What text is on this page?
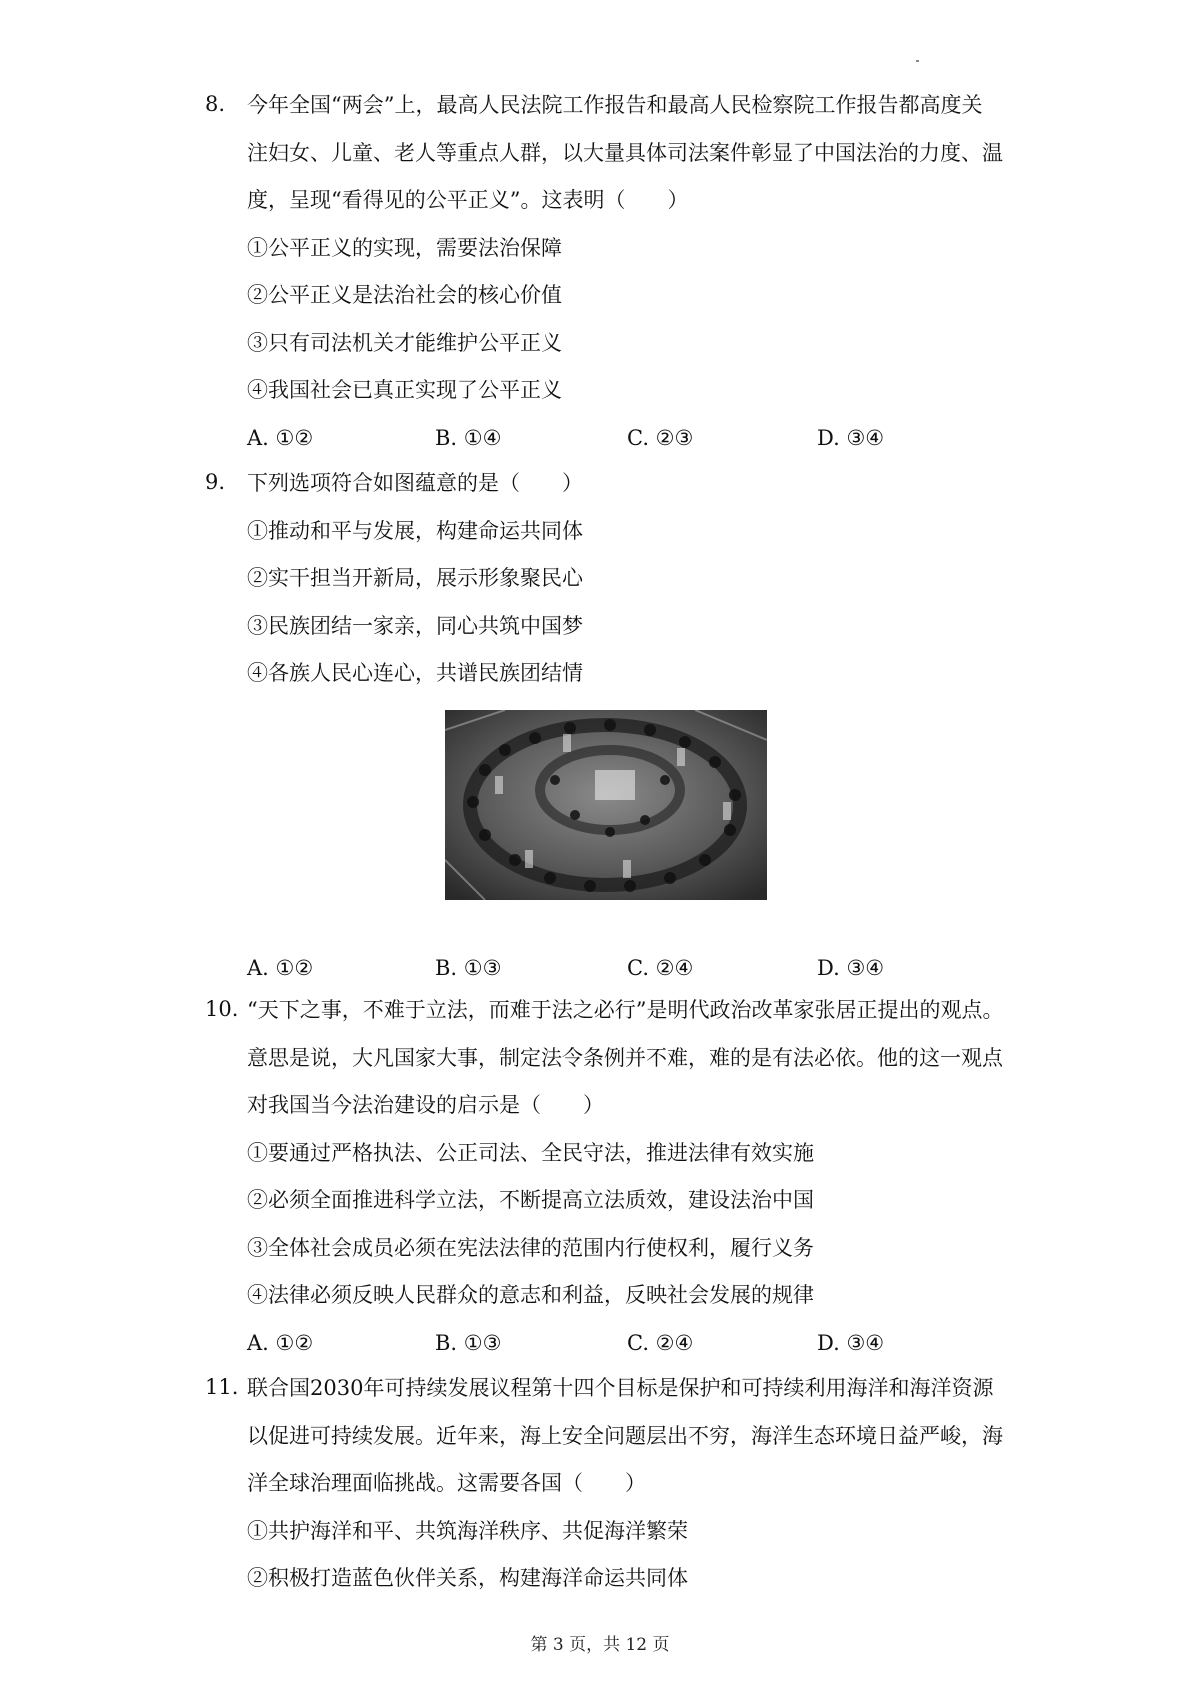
8.	今年全国“两会”上，最高人民法院工作报告和最高人民检察院工作报告都高度关
注妇女、儿童、老人等重点人群，以大量具体司法案件彰显了中国法治的力度、温
度，呈现“看得见的公平正义”。这表明（　　）
①公平正义的实现，需要法治保障
②公平正义是法治社会的核心价值
③只有司法机关才能维护公平正义
④我国社会已真正实现了公平正义
A. ①②	B. ①④	C. ②③	D. ③④
9.	下列选项符合如图蕴意的是（　　）
①推动和平与发展，构建命运共同体
②实干担当开新局，展示形象聚民心
③民族团结一家亲，同心共筑中国梦
④各族人民心连心，共谱民族团结情
A. ①②	B. ①③	C. ②④	D. ③④
10. “天下之事，不难于立法，而难于法之必行”是明代政治改革家张居正提出的观点。
意思是说，大凡国家大事，制定法令条例并不难，难的是有法必依。他的这一观点
对我国当今法治建设的启示是（　　）
①要通过严格执法、公正司法、全民守法，推进法律有效实施
②必须全面推进科学立法，不断提高立法质效，建设法治中国
③全体社会成员必须在宪法法律的范围内行使权利，履行义务
④法律必须反映人民群众的意志和利益，反映社会发展的规律
A. ①②	B. ①③	C. ②④	D. ③④
11. 联合国2030年可持续发展议程第十四个目标是保护和可持续利用海洋和海洋资源
以促进可持续发展。近年来，海上安全问题层出不穷，海洋生态环境日益严峻，海
洋全球治理面临挑战。这需要各国（　　）
①共护海洋和平、共筑海洋秩序、共促海洋繁荣
②积极打造蓝色伙伴关系，构建海洋命运共同体
第 3 页，共 12 页
